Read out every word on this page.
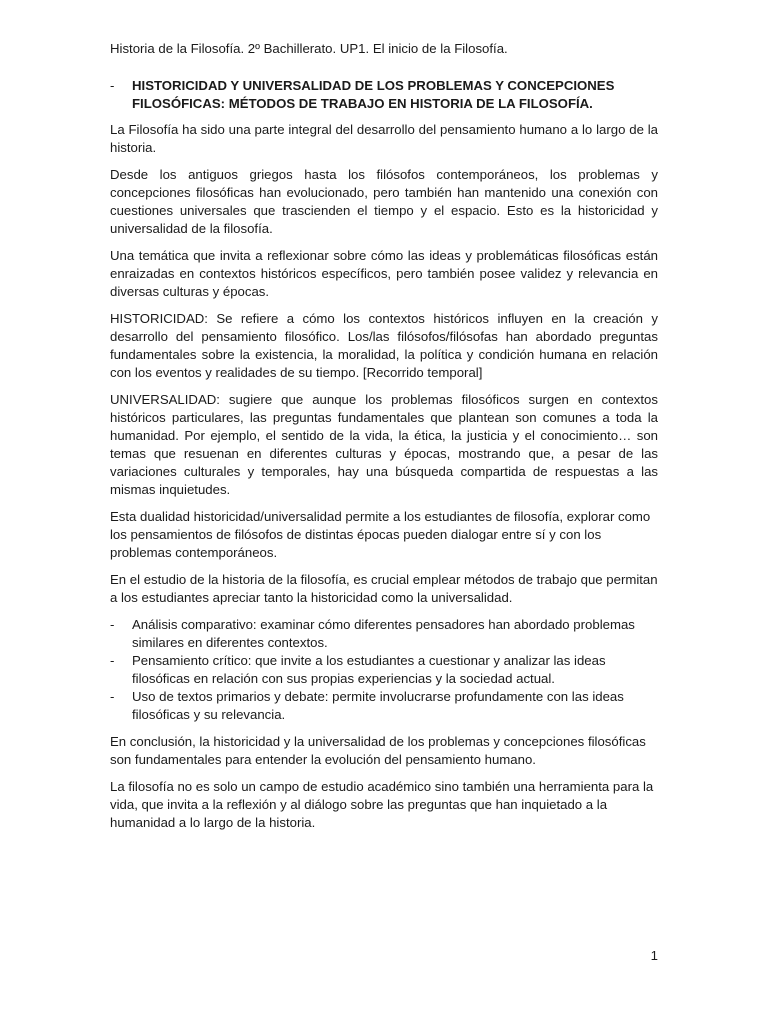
Historia de la Filosofía. 2º Bachillerato. UP1. El inicio de la Filosofía.
-	HISTORICIDAD Y UNIVERSALIDAD DE LOS PROBLEMAS Y CONCEPCIONES FILOSÓFICAS: MÉTODOS DE TRABAJO EN HISTORIA DE LA FILOSOFÍA.

La Filosofía ha sido una parte integral del desarrollo del pensamiento humano a lo largo de la historia.

Desde los antiguos griegos hasta los filósofos contemporáneos, los problemas y concepciones filosóficas han evolucionado, pero también han mantenido una conexión con cuestiones universales que trascienden el tiempo y el espacio. Esto es la historicidad y universalidad de la filosofía.

Una temática que invita a reflexionar sobre cómo las ideas y problemáticas filosóficas están enraizadas en contextos históricos específicos, pero también posee validez y relevancia en diversas culturas y épocas.

HISTORICIDAD: Se refiere a cómo los contextos históricos influyen en la creación y desarrollo del pensamiento filosófico. Los/las filósofos/filósofas han abordado preguntas fundamentales sobre la existencia, la moralidad, la política y condición humana en relación con los eventos y realidades de su tiempo. [Recorrido temporal]

UNIVERSALIDAD: sugiere que aunque los problemas filosóficos surgen en contextos históricos particulares, las preguntas fundamentales que plantean son comunes a toda la humanidad. Por ejemplo, el sentido de la vida, la ética, la justicia y el conocimiento… son temas que resuenan en diferentes culturas y épocas, mostrando que, a pesar de las variaciones culturales y temporales, hay una búsqueda compartida de respuestas a las mismas inquietudes.

Esta dualidad historicidad/universalidad permite a los estudiantes de filosofía, explorar como los pensamientos de filósofos de distintas épocas pueden dialogar entre sí y con los problemas contemporáneos.

En el estudio de la historia de la filosofía, es crucial emplear métodos de trabajo que permitan a los estudiantes apreciar tanto la historicidad como la universalidad.

-	Análisis comparativo: examinar cómo diferentes pensadores han abordado problemas similares en diferentes contextos.
-	Pensamiento crítico: que invite a los estudiantes a cuestionar y analizar las ideas filosóficas en relación con sus propias experiencias y la sociedad actual.
-	Uso de textos primarios y debate: permite involucrarse profundamente con las ideas filosóficas y su relevancia.

En conclusión, la historicidad y la universalidad de los problemas y concepciones filosóficas son fundamentales para entender la evolución del pensamiento humano.

La filosofía no es solo un campo de estudio académico sino también una herramienta para la vida, que invita a la reflexión y al diálogo sobre las preguntas que han inquietado a la humanidad a lo largo de la historia.

1
